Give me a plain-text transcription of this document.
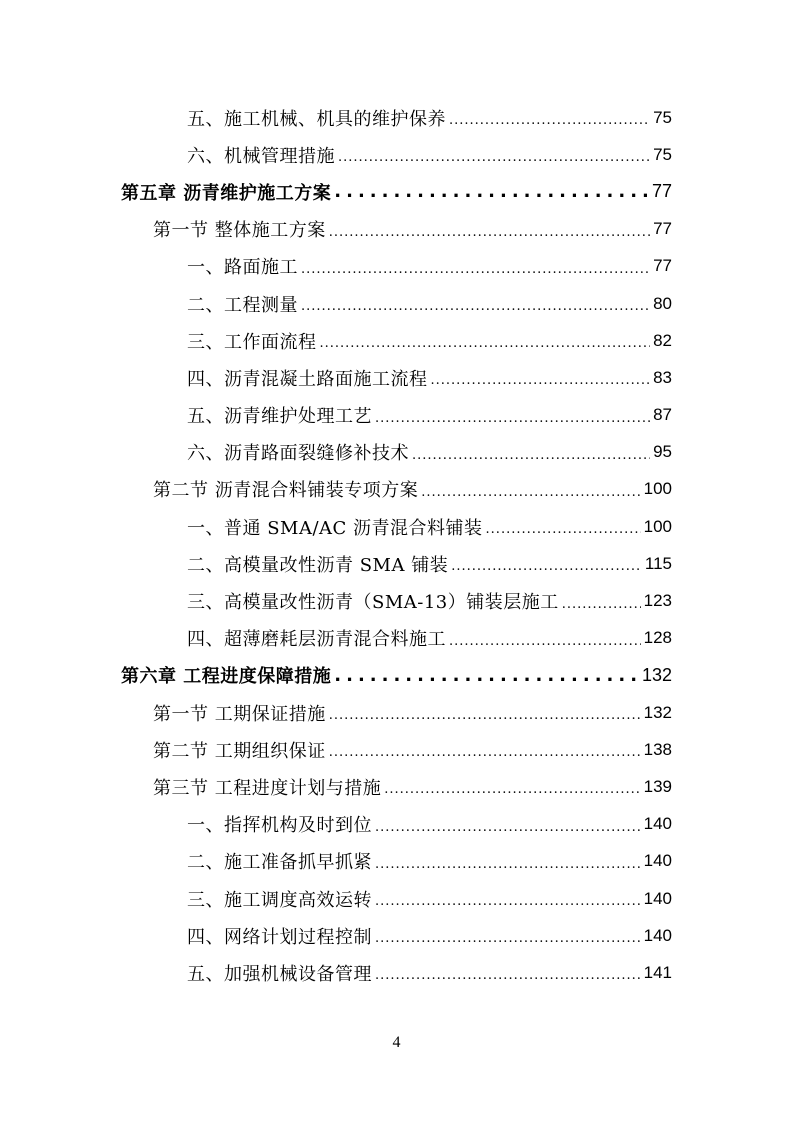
五、施工机械、机具的维护保养 .....	75
六、机械管理措施 .....	75
第五章 沥青维护施工方案 .....	77
第一节 整体施工方案 .....	77
一、路面施工 .....	77
二、工程测量 .....	80
三、工作面流程 .....	82
四、沥青混凝土路面施工流程 .....	83
五、沥青维护处理工艺 .....	87
六、沥青路面裂缝修补技术 .....	95
第二节 沥青混合料铺装专项方案 .....	100
一、普通 SMA/AC 沥青混合料铺装 .....	100
二、高模量改性沥青 SMA 铺装 .....	115
三、高模量改性沥青（SMA-13）铺装层施工 .....	123
四、超薄磨耗层沥青混合料施工 .....	128
第六章 工程进度保障措施 .....	132
第一节 工期保证措施 .....	132
第二节 工期组织保证 .....	138
第三节 工程进度计划与措施 .....	139
一、指挥机构及时到位 .....	140
二、施工准备抓早抓紧 .....	140
三、施工调度高效运转 .....	140
四、网络计划过程控制 .....	140
五、加强机械设备管理 .....	141
4
